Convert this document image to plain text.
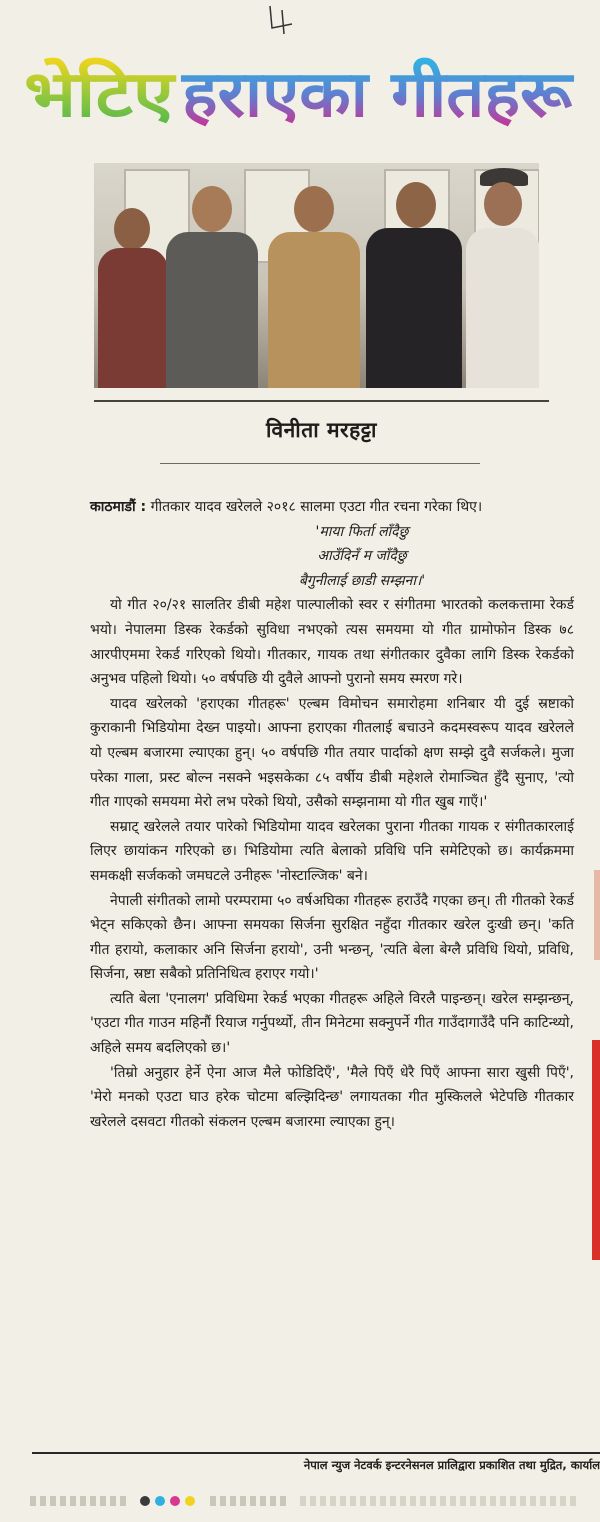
भेटिए हराएका गीतहरू
विनीता मरहट्टा

काठमाडौं : गीतकार यादव खरेलले २०१८ सालमा एउटा गीत रचना गरेका थिए।

'माया फिर्ता लाँदैछु
आउँदिनँ म जाँदैछु
बैगुनीलाई छाडी सम्झना।'

यो गीत २०/२१ सालतिर डीबी महेश पाल्पालीको स्वर र संगीतमा भारतको कलकत्तामा रेकर्ड भयो। नेपालमा डिस्क रेकर्डको सुविधा नभएको त्यस समयमा यो गीत ग्रामोफोन डिस्क ७८ आरपीएममा रेकर्ड गरिएको थियो। गीतकार, गायक तथा संगीतकार दुवैका लागि डिस्क रेकर्डको अनुभव पहिलो थियो। ५० वर्षपछि यी दुवैले आफ्नो पुरानो समय स्मरण गरे।

यादव खरेलको 'हराएका गीतहरू' एल्बम विमोचन समारोहमा शनिबार यी दुई स्रष्टाको कुराकानी भिडियोमा देख्न पाइयो। आफ्ना हराएका गीतलाई बचाउने कदमस्वरूप यादव खरेलले यो एल्बम बजारमा ल्याएका हुन्। ५० वर्षपछि गीत तयार पार्दाको क्षण सम्झे दुवै सर्जकले। मुजा परेका गाला, प्रस्ट बोल्न नसक्ने भइसकेका ८५ वर्षीय डीबी महेशले रोमाञ्चित हुँदै सुनाए, 'त्यो गीत गाएको समयमा मेरो लभ परेको थियो, उसैको सम्झनामा यो गीत खुब गाएँ।'

सम्राट् खरेलले तयार पारेको भिडियोमा यादव खरेलका पुराना गीतका गायक र संगीतकारलाई लिएर छायांकन गरिएको छ। भिडियोमा त्यति बेलाको प्रविधि पनि समेटिएको छ। कार्यक्रममा समकक्षी सर्जकको जमघटले उनीहरू 'नोस्टाल्जिक' बने।

नेपाली संगीतको लामो परम्परामा ५० वर्षअघिका गीतहरू हराउँदै गएका छन्। ती गीतको रेकर्ड भेट्न सकिएको छैन। आफ्ना समयका सिर्जना सुरक्षित नहुँदा गीतकार खरेल दुःखी छन्। 'कति गीत हरायो, कलाकार अनि सिर्जना हरायो', उनी भन्छन्, 'त्यति बेला बेग्लै प्रविधि थियो, प्रविधि, सिर्जना, स्रष्टा सबैको प्रतिनिधित्व हराएर गयो।'

त्यति बेला 'एनालग' प्रविधिमा रेकर्ड भएका गीतहरू अहिले विरलै पाइन्छन्। खरेल सम्झन्छन्, 'एउटा गीत गाउन महिनौं रियाज गर्नुपर्थ्यो, तीन मिनेटमा सक्नुपर्ने गीत गाउँदागाउँदै पनि काटिन्थ्यो, अहिले समय बदलिएको छ।'

'तिम्रो अनुहार हेर्ने ऐना आज मैले फोडिदिएँ', 'मैले पिएँ धेरै पिएँ आफ्ना सारा खुसी पिएँ', 'मेरो मनको एउटा घाउ हरेक चोटमा बल्झिदिन्छ' लगायतका गीत मुस्किलले भेटेपछि गीतकार खरेलले दसवटा गीतको संकलन एल्बम बजारमा ल्याएका हुन्।

नेपाल न्युज नेटवर्क इन्टरनेसनल प्रालिद्वारा प्रकाशित तथा मुद्रित, कार्याल
